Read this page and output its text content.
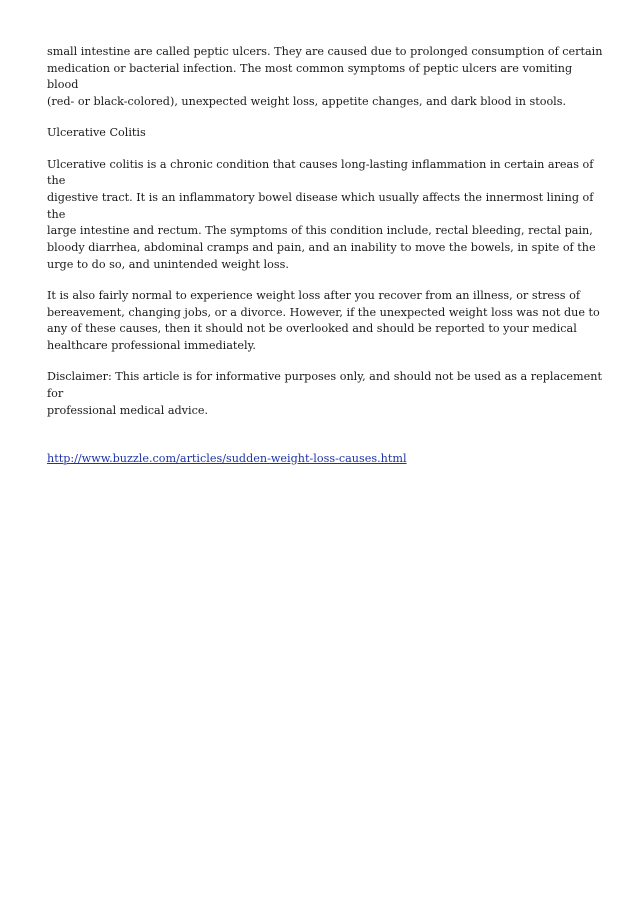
small intestine are called peptic ulcers. They are caused due to prolonged consumption of certain
medication or bacterial infection. The most common symptoms of peptic ulcers are vomiting blood
(red- or black-colored), unexpected weight loss, appetite changes, and dark blood in stools.

Ulcerative Colitis

Ulcerative colitis is a chronic condition that causes long-lasting inflammation in certain areas of the
digestive tract. It is an inflammatory bowel disease which usually affects the innermost lining of the
large intestine and rectum. The symptoms of this condition include, rectal bleeding, rectal pain,
bloody diarrhea, abdominal cramps and pain, and an inability to move the bowels, in spite of the
urge to do so, and unintended weight loss.

It is also fairly normal to experience weight loss after you recover from an illness, or stress of
bereavement, changing jobs, or a divorce. However, if the unexpected weight loss was not due to
any of these causes, then it should not be overlooked and should be reported to your medical
healthcare professional immediately.

Disclaimer: This article is for informative purposes only, and should not be used as a replacement for
professional medical advice.

http://www.buzzle.com/articles/sudden-weight-loss-causes.html
